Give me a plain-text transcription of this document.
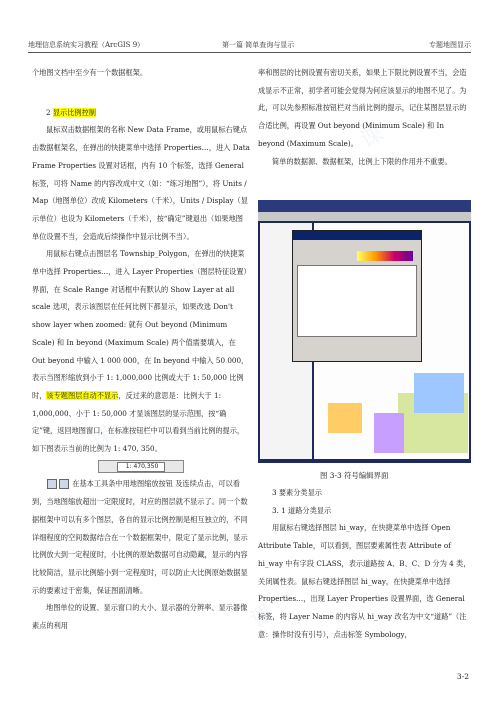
地理信息系统实习教程（ArcGIS 9）	第一篇 简单查询与显示	专题地图显示
课
课
课
课
课
课

个地图文档中至少有一个数据框架。

2 显示比例控制

鼠标双击数据框架的名称 New Data Frame，或用鼠标右键点击数据框架名，在弹出的快捷菜单中选择 Properties…，进入 Data Frame Properties 设置对话框，内有 10 个标签，选择 General 标签，可将 Name 的内容改成中文（如：“练习地图”），将 Units / Map（地图单位）改成 Kilometers（千米），Units / Display（显示单位）也设为 Kilometers（千米），按“确定”键退出（如果地图单位设置不当，会造成后续操作中显示比例不当）。

用鼠标右键点击图层名 Township_Polygon，在弹出的快捷菜单中选择 Properties…，进入 Layer Properties（图层特征设置）界面，在 Scale Range 对话框中有默认的 Show Layer at all scale 选项，表示该图层在任何比例下都显示，如果改选 Don't show layer when zoomed: 就有 Out beyond (Minimum Scale) 和 In beyond (Maximum Scale) 两个值需要填入，在 Out beyond 中输入 1 000 000，在 In beyond 中输入 50 000，表示当图形缩放到小于 1: 1,000,000 比例或大于 1: 50,000 比例时，该专题图层自动不显示，反过来的意思是：比例大于 1: 1,000,000、小于 1: 50,000 才显该图层的显示范围，按“确定”键，返回地图窗口，在标准按钮栏中可以看到当前比例的提示，如下图表示当前的比例为 1: 470, 350。

1: 470,350

在基本工具条中用地图缩放按钮 及连续点击，可以看到，当地图缩放超出一定限度时，对应的图层就不显示了。同一个数据框架中可以有多个图层，各自的显示比例控制是相互独立的，不同详细程度的空间数据结合在一个数据框架中，限定了显示比例，显示比例放大到一定程度时，小比例的原始数据可自动隐藏，显示的内容比较简洁，显示比例缩小到一定程度时，可以防止大比例原始数据显示的要素过于密集，保证图面清晰。

地图单位的设置、显示窗口的大小、显示器的分辨率、显示器像素点的利用

率和图层的比例设置有密切关系，如果上下限比例设置不当，会造成显示不正常，初学者可能会觉得为何应该显示的地图不见了。为此，可以先参照标准按钮栏对当前比例的提示，记住某图层显示的合适比例，再设置 Out beyond (Minimum Scale) 和 In beyond (Maximum Scale)。

简单的数据源、数据框架，比例上下限的作用并不重要。

图 3-3 符号编辑界面

3 要素分类显示

3. 1 道路分类显示

用鼠标右键选择图层 hi_way，在快捷菜单中选择 Open Attribute Table，可以看到，图层要素属性表 Attribute of hi_way 中有字段 CLASS，表示道路按 A、B、C、D 分为 4 类，关闭属性表。鼠标右键选择图层 hi_way，在快捷菜单中选择 Properties…，出现 Layer Properties 设置界面，选 General 标签，将 Layer Name 的内容从 hi_way 改名为中文“道路”（注意：操作时没有引号），点击标签 Symbology，

3-2
